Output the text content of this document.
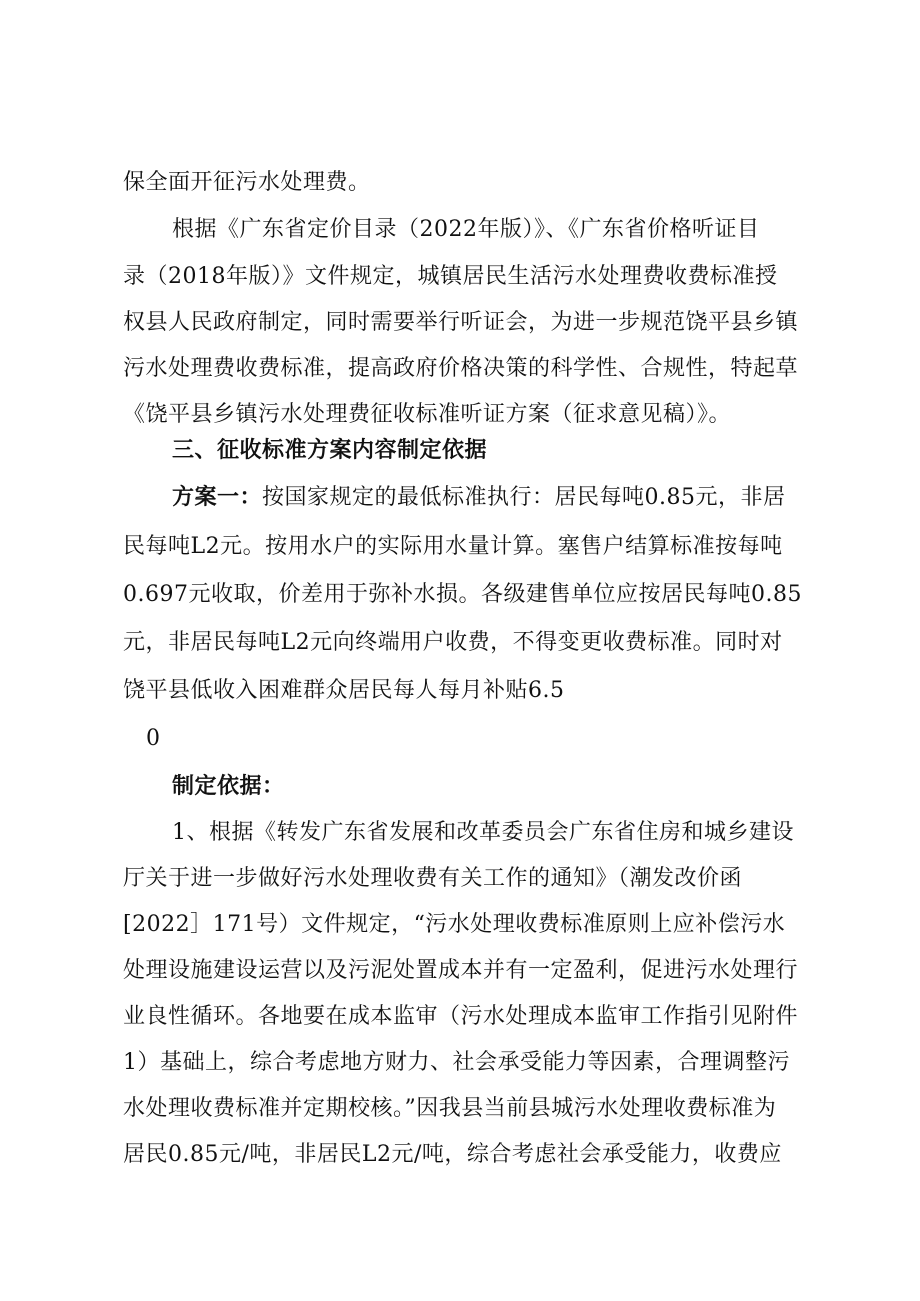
保全面开征污水处理费。
根据《广东省定价目录（2022年版）》、《广东省价格听证目
录（2018年版）》文件规定，城镇居民生活污水处理费收费标准授
权县人民政府制定，同时需要举行听证会，为进一步规范饶平县乡镇
污水处理费收费标准，提高政府价格决策的科学性、合规性，特起草
《饶平县乡镇污水处理费征收标准听证方案（征求意见稿）》。
三、征收标准方案内容制定依据
方案一：按国家规定的最低标准执行：居民每吨0.85元，非居
民每吨L2元。按用水户的实际用水量计算。塞售户结算标准按每吨
0.697元收取，价差用于弥补水损。各级建售单位应按居民每吨0.85
元，非居民每吨L2元向终端用户收费，不得变更收费标准。同时对
饶平县低收入困难群众居民每人每月补贴6.5
0
制定依据：
1、根据《转发广东省发展和改革委员会广东省住房和城乡建设
厅关于进一步做好污水处理收费有关工作的通知》（潮发改价函
[2022］171号）文件规定，“污水处理收费标准原则上应补偿污水
处理设施建设运营以及污泥处置成本并有一定盈利，促进污水处理行
业良性循环。各地要在成本监审（污水处理成本监审工作指引见附件
1）基础上，综合考虑地方财力、社会承受能力等因素，合理调整污
水处理收费标准并定期校核。”因我县当前县城污水处理收费标准为
居民0.85元/吨，非居民L2元/吨，综合考虑社会承受能力，收费应
